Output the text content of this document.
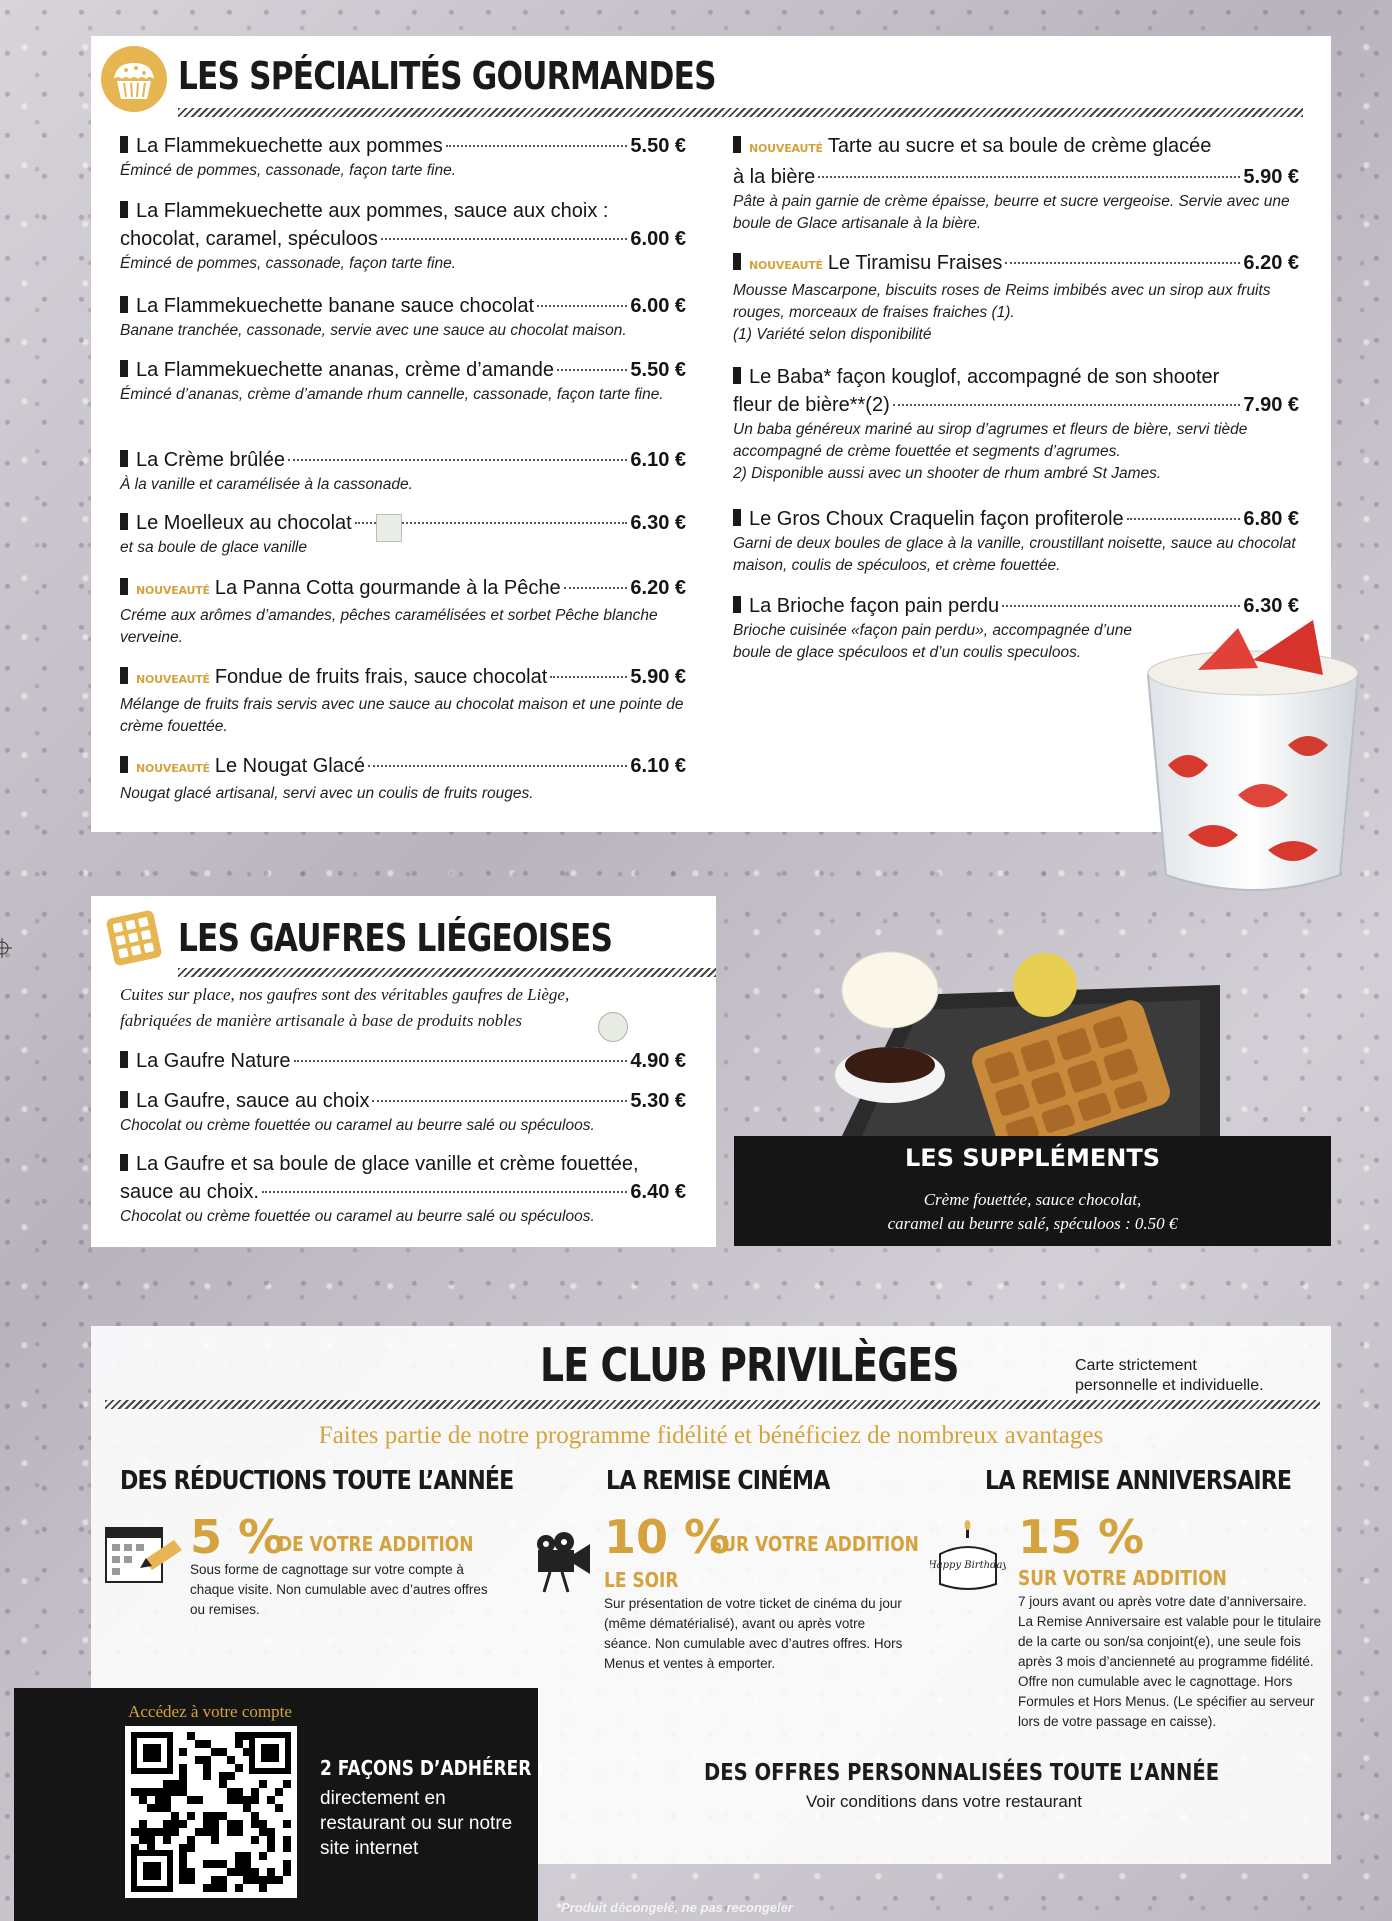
LES SPÉCIALITÉS GOURMANDES
La Flammekuechette aux pommes	5.50 €
Émincé de pommes, cassonade, façon tarte fine.
La Flammekuechette aux pommes, sauce aux choix :
chocolat, caramel, spéculoos	6.00 €
Émincé de pommes, cassonade, façon tarte fine.
La Flammekuechette banane sauce chocolat	6.00 €
Banane tranchée, cassonade, servie avec une sauce au chocolat maison.
La Flammekuechette ananas, crème d’amande	5.50 €
Émincé d’ananas, crème d’amande rhum cannelle, cassonade, façon tarte fine.
La Crème brûlée	6.10 €
À la vanille et caramélisée à la cassonade.
Le Moelleux au chocolat	6.30 €
et sa boule de glace vanille
NOUVEAUTÉ La Panna Cotta gourmande à la Pêche	6.20 €
Créme aux arômes d’amandes, pêches caramélisées et sorbet Pêche blanche verveine.
NOUVEAUTÉ Fondue de fruits frais, sauce chocolat	5.90 €
Mélange de fruits frais servis avec une sauce au chocolat maison et une pointe de crème fouettée.
NOUVEAUTÉ Le Nougat Glacé	6.10 €
Nougat glacé artisanal, servi avec un coulis de fruits rouges.
NOUVEAUTÉ Tarte au sucre et sa boule de crème glacée
à la bière	5.90 €
Pâte à pain garnie de crème épaisse, beurre et sucre vergeoise. Servie avec une boule de Glace artisanale à la bière.
NOUVEAUTÉ Le Tiramisu Fraises	6.20 €
Mousse Mascarpone, biscuits roses de Reims imbibés avec un sirop aux fruits rouges, morceaux de fraises fraiches (1).
(1) Variété selon disponibilité
Le Baba* façon kouglof, accompagné de son shooter
fleur de bière**(2)	7.90 €
Un baba généreux mariné au sirop d’agrumes et fleurs de bière, servi tiède accompagné de crème fouettée et segments d’agrumes.
2) Disponible aussi avec un shooter de rhum ambré St James.
Le Gros Choux Craquelin façon profiterole	6.80 €
Garni de deux boules de glace à la vanille, croustillant noisette, sauce au chocolat maison, coulis de spéculoos, et crème fouettée.
La Brioche façon pain perdu	6.30 €
Brioche cuisinée «façon pain perdu», accompagnée d’une boule de glace spéculoos et d’un coulis speculoos.
LES GAUFRES LIÉGEOISES
Cuites sur place, nos gaufres sont des véritables gaufres de Liège, fabriquées de manière artisanale à base de produits nobles
La Gaufre Nature	4.90 €
La Gaufre, sauce au choix	5.30 €
Chocolat ou crème fouettée ou caramel au beurre salé ou spéculoos.
La Gaufre et sa boule de glace vanille et crème fouettée,
sauce au choix.	6.40 €
Chocolat ou crème fouettée ou caramel au beurre salé ou spéculoos.
LES SUPPLÉMENTS
Crème fouettée, sauce chocolat,
caramel au beurre salé, spéculoos : 0.50 €
LE CLUB PRIVILÈGES	Carte strictement personnelle et individuelle.
Faites partie de notre programme fidélité et bénéficiez de nombreux avantages
DES RÉDUCTIONS TOUTE L’ANNÉE
5 %
DE VOTRE ADDITION
Sous forme de cagnottage sur votre compte à chaque visite. Non cumulable avec d’autres offres ou remises.
LA REMISE CINÉMA
10 %
SUR VOTRE ADDITION
LE SOIR
Sur présentation de votre ticket de cinéma du jour (même dématérialisé), avant ou après votre séance. Non cumulable avec d’autres offres. Hors Menus et ventes à emporter.
LA REMISE ANNIVERSAIRE
Happy Birthday
15 %
SUR VOTRE ADDITION
7 jours avant ou après votre date d’anniversaire. La Remise Anniversaire est valable pour le titulaire de la carte ou son/sa conjoint(e), une seule fois après 3 mois d’ancienneté au programme fidélité. Offre non cumulable avec le cagnottage. Hors Formules et Hors Menus. (Le spécifier au serveur lors de votre passage en caisse).
Accédez à votre compte
2 FAÇONS D’ADHÉRER :
directement en restaurant ou sur notre site internet
DES OFFRES PERSONNALISÉES TOUTE L’ANNÉE
Voir conditions dans votre restaurant
*Produit décongelé, ne pas recongeler
